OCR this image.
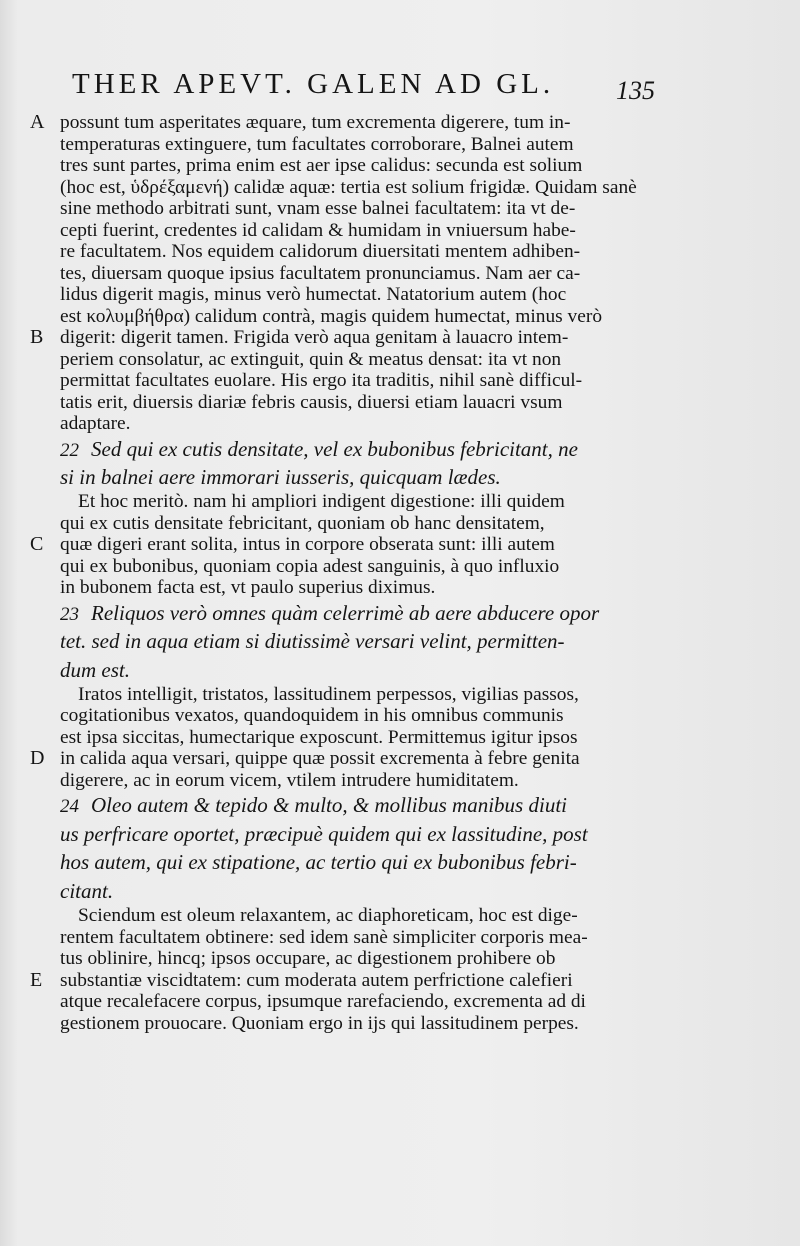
THER APEVT. GALEN AD GL. 135
A possunt tum asperitates æquare, tum excrementa digerere, tum in-
temperaturas extinguere, tum facultates corroborare, Balnei autem
tres sunt partes, prima enim est aer ipse calidus: secunda est solium
(hoc est, ὑδρέξαμενή) calidæ aquæ: tertia est solium frigidæ. Quidam sanè
sine methodo arbitrati sunt, vnam esse balnei facultatem: ita vt de-
cepti fuerint, credentes id calidam & humidam in vniuersum habe-
re facultatem. Nos equidem calidorum diuersitati mentem adhiben-
tes, diuersam quoque ipsius facultatem pronunciamus. Nam aer ca-
lidus digerit magis, minus verò humectat. Natatorium autem (hoc
est κολυμβήθρα) calidum contrà, magis quidem humectat, minus verò
B digerit: digerit tamen. Frigida verò aqua genitam à lauacro intem-
periem consolatur, ac extinguit, quin & meatus densat: ita vt non
permittat facultates euolare. His ergo ita traditis, nihil sanè difficul-
tatis erit, diuersis diariæ febris causis, diuersi etiam lauacri vsum
adaptare.
22 Sed qui ex cutis densitate, vel ex bubonibus febricitant, ne
si in balnei aere immorari iusseris, quicquam lædes.
Et hoc meritò. nam hi ampliori indigent digestione: illi quidem
qui ex cutis densitate febricitant, quoniam ob hanc densitatem,
C quæ digeri erant solita, intus in corpore obserata sunt: illi autem
qui ex bubonibus, quoniam copia adest sanguinis, à quo influxio
in bubonem facta est, vt paulo superius diximus.
23 Reliquos verò omnes quàm celerrimè ab aere abducere opor
tet. sed in aqua etiam si diutissimè versari velint, permitten-
dum est.
Iratos intelligit, tristatos, lassitudinem perpessos, vigilias passos,
cogitationibus vexatos, quandoquidem in his omnibus communis
est ipsa siccitas, humectarique exposcunt. Permittemus igitur ipsos
D in calida aqua versari, quippe quæ possit excrementa à febre genita
digerere, ac in eorum vicem, vtilem intrudere humiditatem.
24 Oleo autem & tepido & multo, & mollibus manibus diuti
us perfricare oportet, præcipuè quidem qui ex lassitudine, post
hos autem, qui ex stipatione, ac tertio qui ex bubonibus febri-
citant.
Sciendum est oleum relaxantem, ac diaphoreticam, hoc est dige-
rentem facultatem obtinere: sed idem sanè simpliciter corporis mea-
tus oblinire, hincq; ipsos occupare, ac digestionem prohibere ob
E substantiæ viscidtatem: cum moderata autem perfrictione calefieri
atque recalefacere corpus, ipsumque rarefaciendo, excrementa ad di
gestionem prouocare. Quoniam ergo in ijs qui lassitudinem perpes.
